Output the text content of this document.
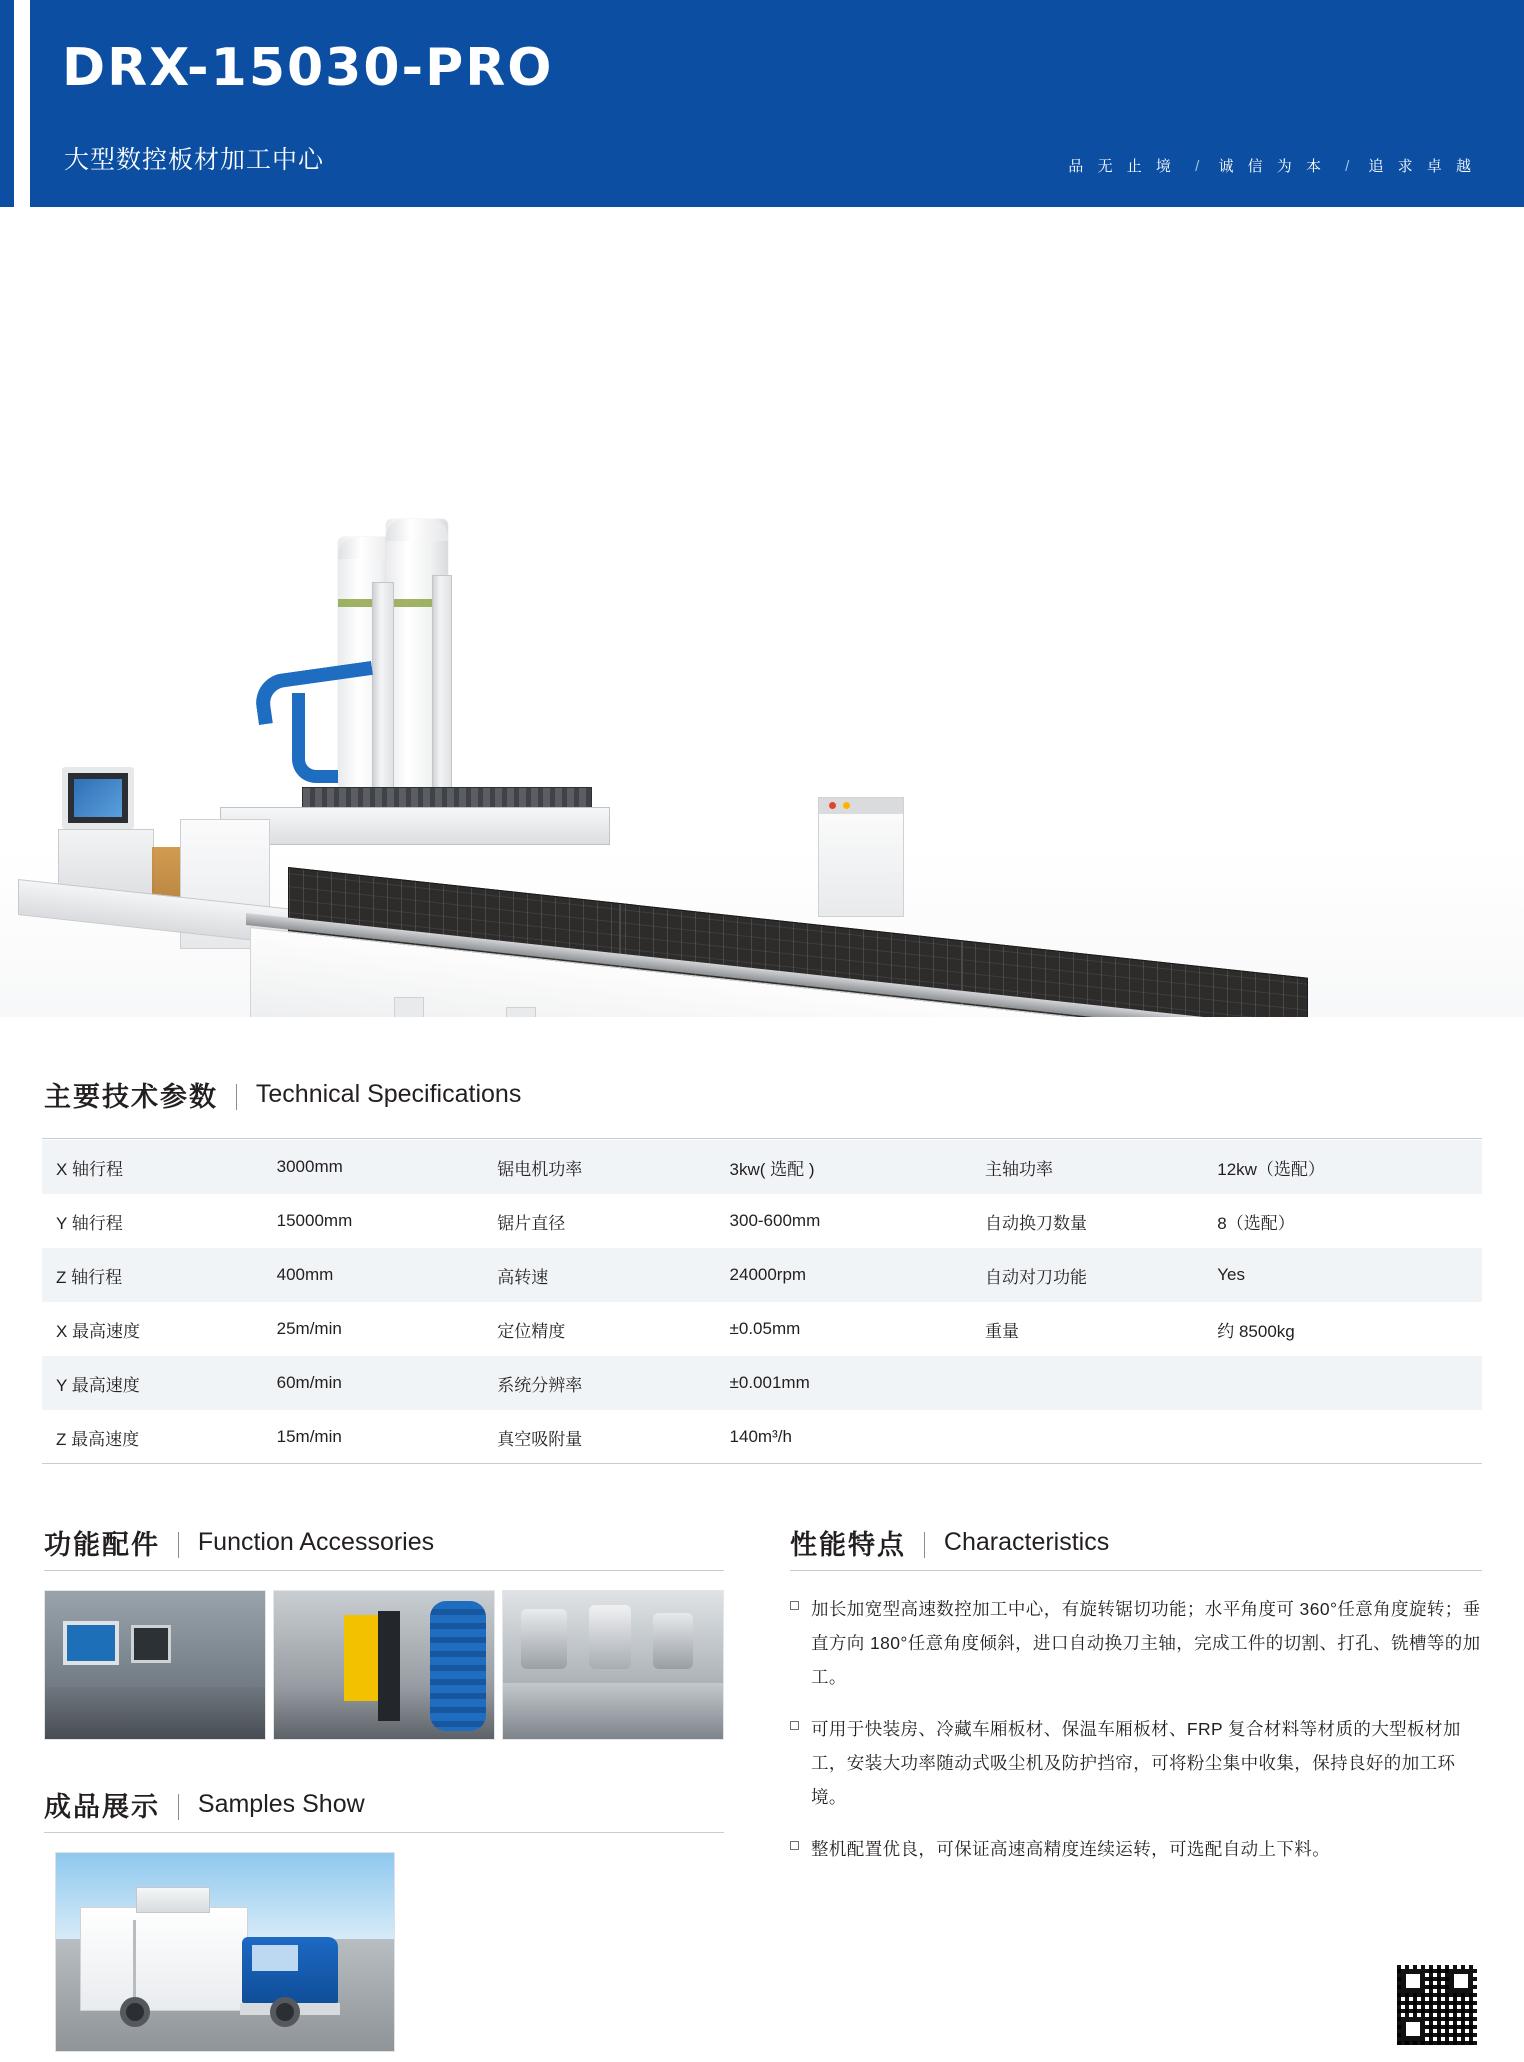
DRX-15030-PRO
大型数控板材加工中心	品 无 止 境 / 诚 信 为 本 / 追 求 卓 越
主要技术参数 Technical Specifications
X 轴行程	3000mm	锯电机功率	3kw( 选配 )	主轴功率	12kw（选配）
Y 轴行程	15000mm	锯片直径	300-600mm	自动换刀数量	8（选配）
Z 轴行程	400mm	高转速	24000rpm	自动对刀功能	Yes
X 最高速度	25m/min	定位精度	±0.05mm	重量	约 8500kg
Y 最高速度	60m/min	系统分辨率	±0.001mm		
Z 最高速度	15m/min	真空吸附量	140m³/h		
功能配件 Function Accessories
成品展示 Samples Show
性能特点 Characteristics
加长加宽型高速数控加工中心，有旋转锯切功能；水平角度可 360°任意角度旋转；垂直方向 180°任意角度倾斜，进口自动换刀主轴，完成工件的切割、打孔、铣槽等的加工。
可用于快装房、冷藏车厢板材、保温车厢板材、FRP 复合材料等材质的大型板材加工，安装大功率随动式吸尘机及防护挡帘，可将粉尘集中收集，保持良好的加工环境。
整机配置优良，可保证高速高精度连续运转，可选配自动上下料。
